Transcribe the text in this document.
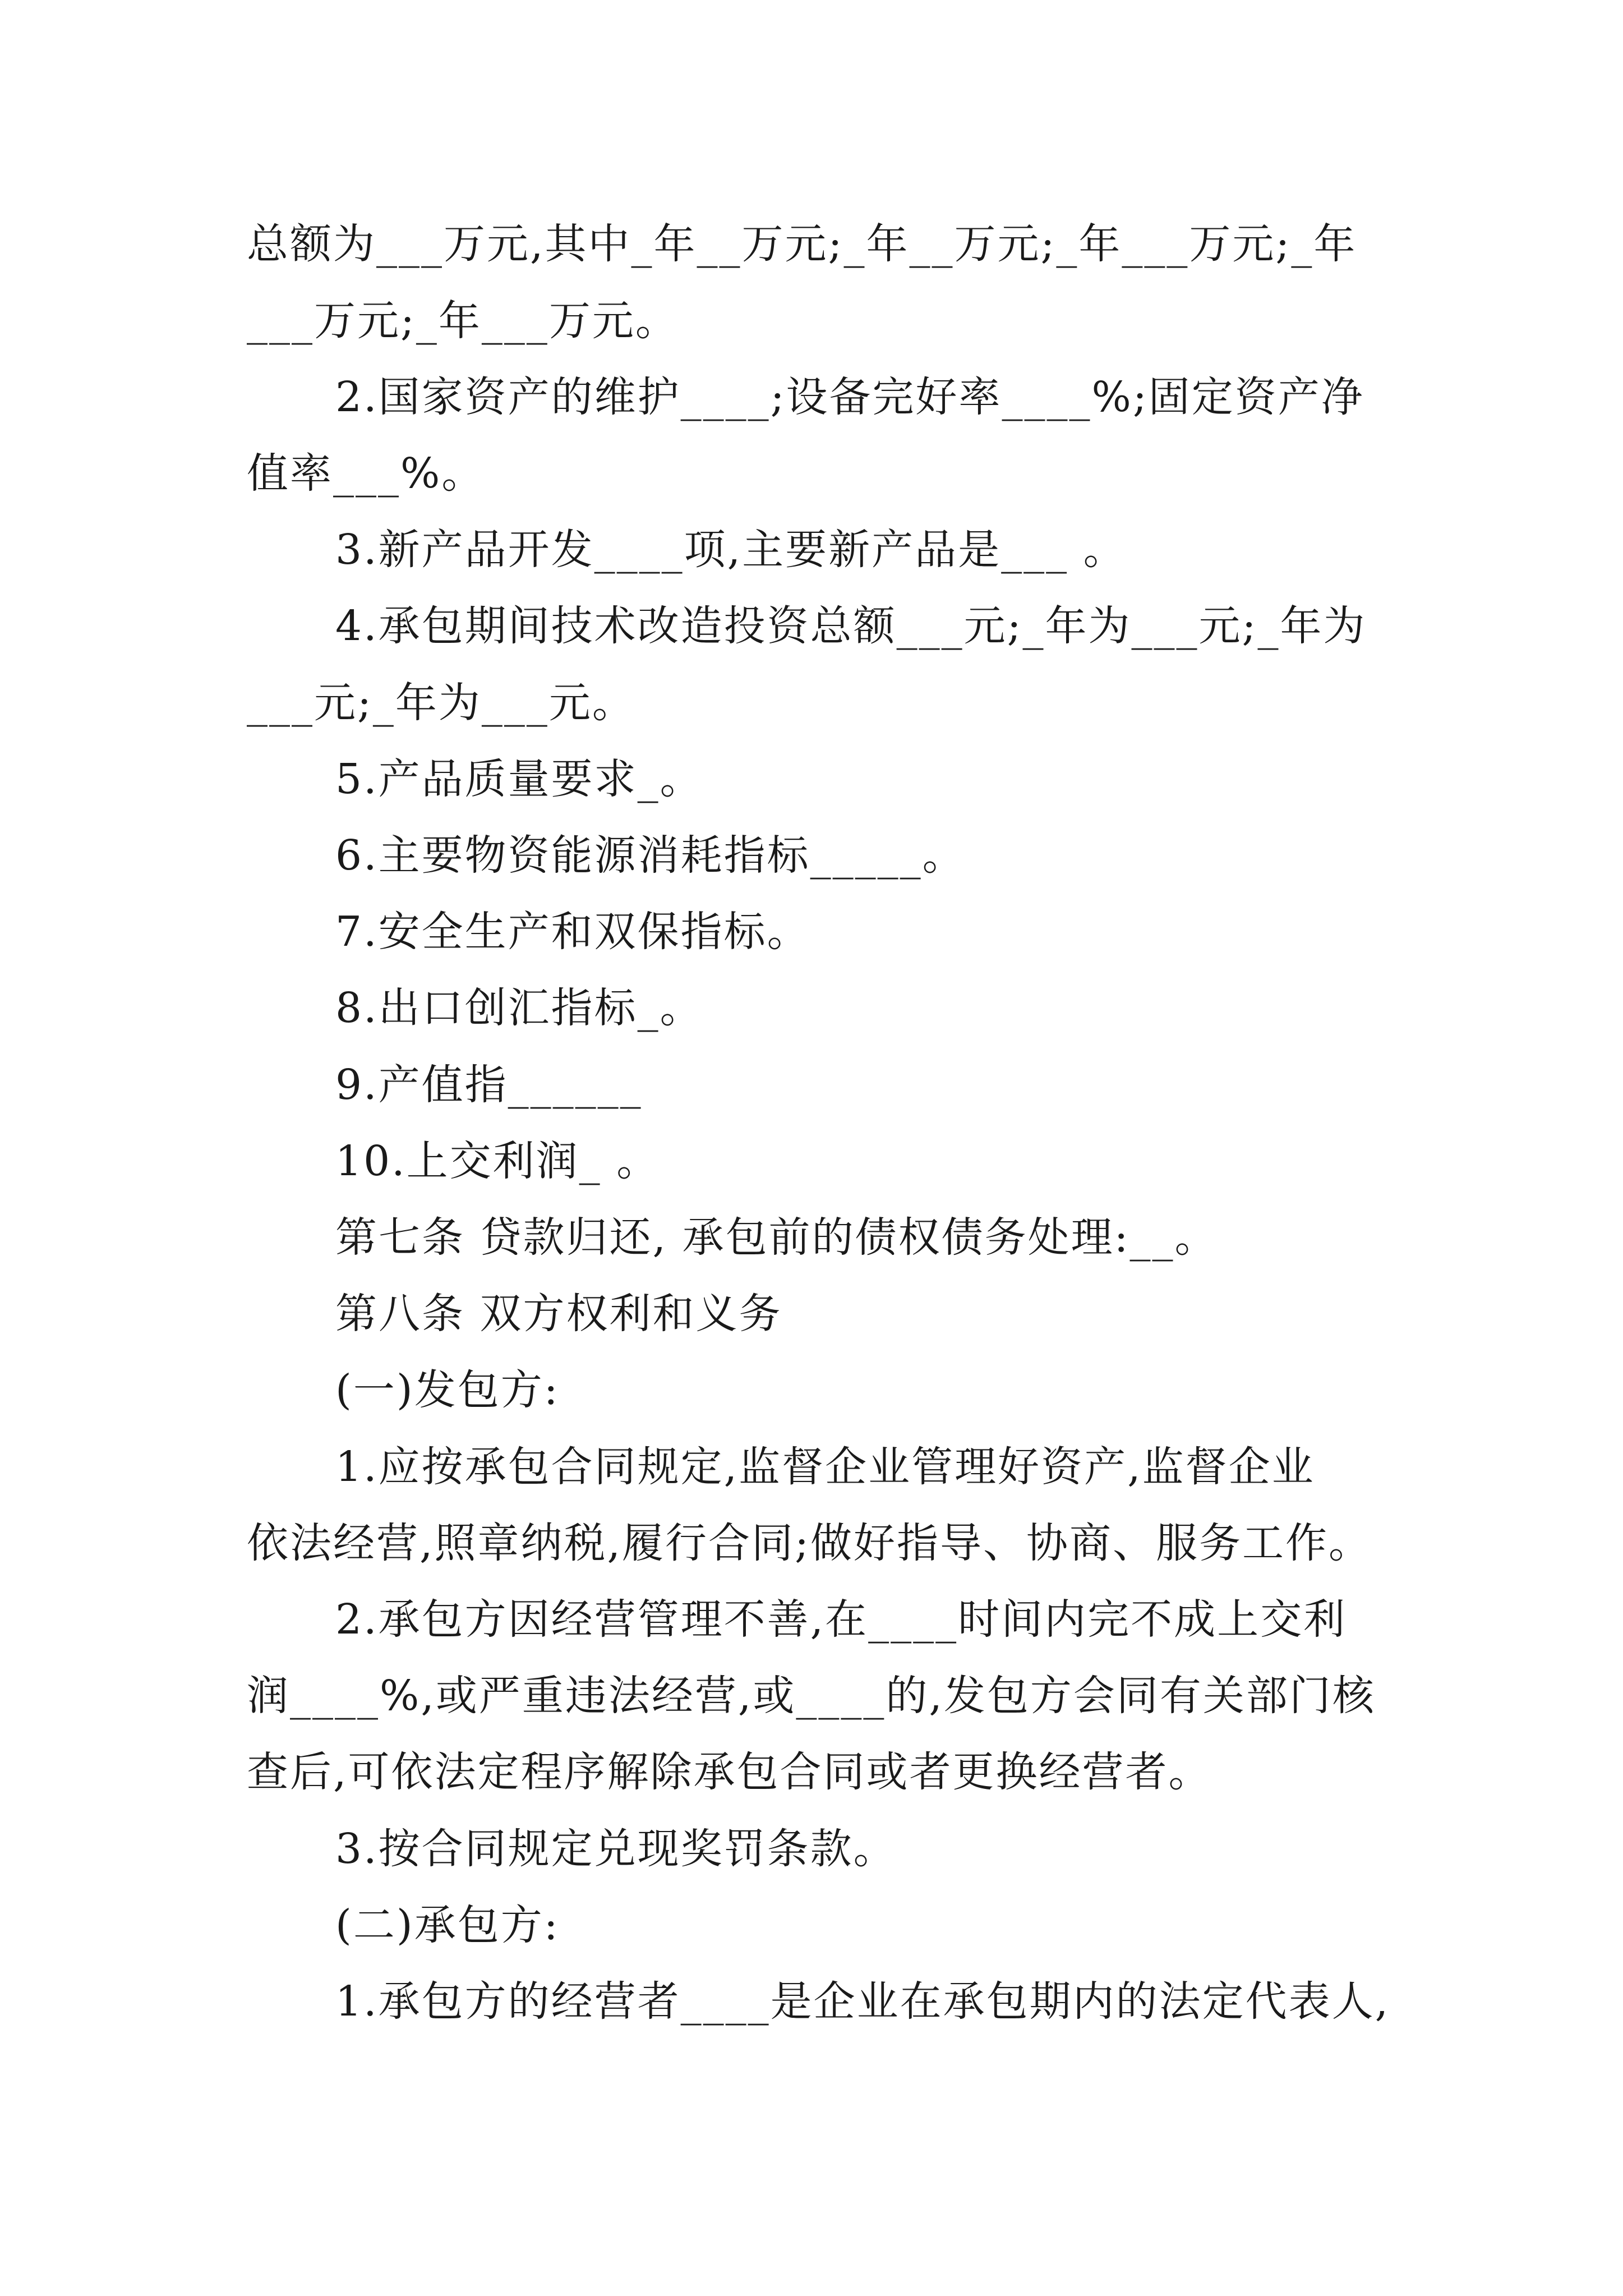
总额为___万元,其中_年__万元;_年__万元;_年___万元;_年
___万元;_年___万元。
2.国家资产的维护____;设备完好率____%;固定资产净
值率___%。
3.新产品开发____项,主要新产品是___ 。
4.承包期间技术改造投资总额___元;_年为___元;_年为
___元;_年为___元。
5.产品质量要求_。
6.主要物资能源消耗指标_____。
7.安全生产和双保指标。
8.出口创汇指标_。
9.产值指______
10.上交利润_ 。
第七条 贷款归还, 承包前的债权债务处理:__。
第八条 双方权利和义务
(一)发包方:
1.应按承包合同规定,监督企业管理好资产,监督企业
依法经营,照章纳税,履行合同;做好指导、协商、服务工作。
2.承包方因经营管理不善,在____时间内完不成上交利
润____%,或严重违法经营,或____的,发包方会同有关部门核
查后,可依法定程序解除承包合同或者更换经营者。
3.按合同规定兑现奖罚条款。
(二)承包方:
1.承包方的经营者____是企业在承包期内的法定代表人,
